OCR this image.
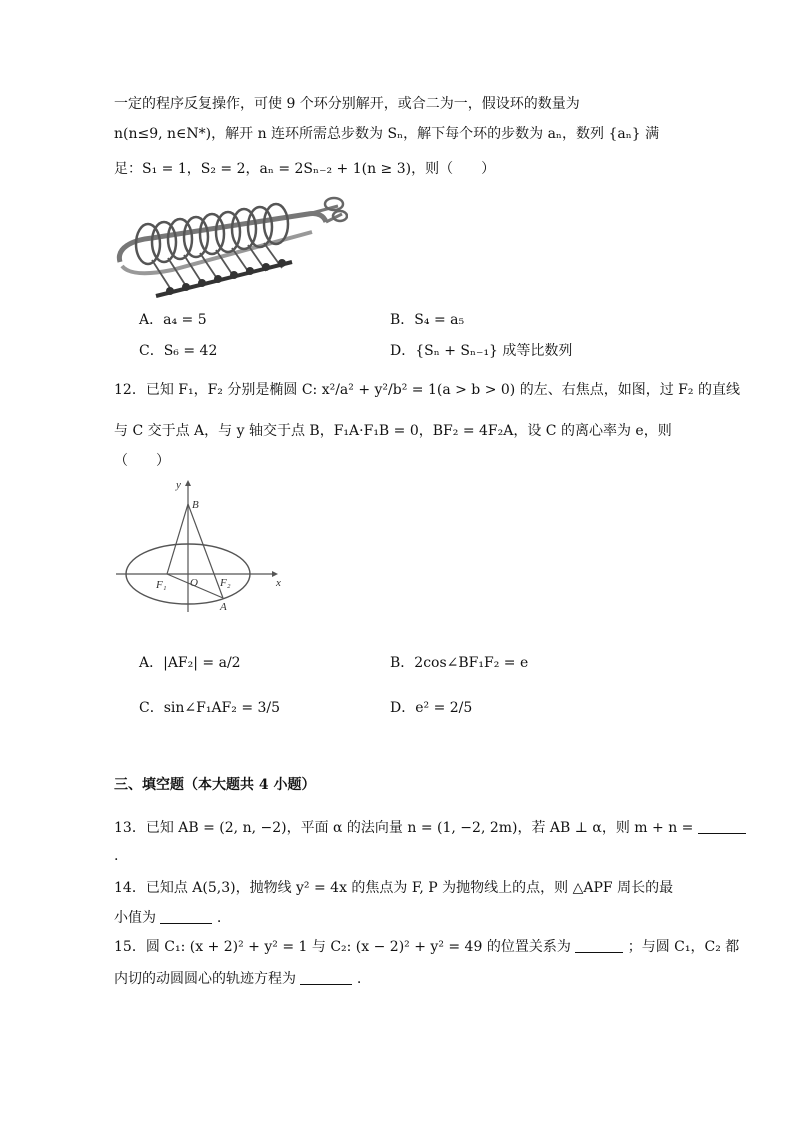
一定的程序反复操作，可使 9 个环分别解开，或合二为一，假设环的数量为
n(n≤9, n∈N*)，解开 n 连环所需总步数为 Sₙ，解下每个环的步数为 aₙ，数列 {aₙ} 满
足：S₁ = 1，S₂ = 2，aₙ = 2Sₙ₋₂ + 1(n ≥ 3)，则（　　）
A．a₄ = 5	B．S₄ = a₅
C．S₆ = 42	D．{Sₙ + Sₙ₋₁} 成等比数列
12．已知 F₁，F₂ 分别是椭圆 C: x²/a² + y²/b² = 1(a > b > 0) 的左、右焦点，如图，过 F₂ 的直线
与 C 交于点 A，与 y 轴交于点 B，F₁A·F₁B = 0，BF₂ = 4F₂A，设 C 的离心率为 e，则
（　　）
y
x
B
O
F₁	F₂
A
A．|AF₂| = a/2	B．2cos∠BF₁F₂ = e
C．sin∠F₁AF₂ = 3/5	D．e² = 2/5
三、填空题（本大题共 4 小题）
13．已知 AB = (2, n, −2)，平面 α 的法向量 n = (1, −2, 2m)，若 AB ⊥ α，则 m + n =
.
14．已知点 A(5,3)，抛物线 y² = 4x 的焦点为 F, P 为抛物线上的点，则 △APF 周长的最
小值为	.
15．圆 C₁: (x + 2)² + y² = 1 与 C₂: (x − 2)² + y² = 49 的位置关系为	；与圆 C₁，C₂ 都
内切的动圆圆心的轨迹方程为	.
